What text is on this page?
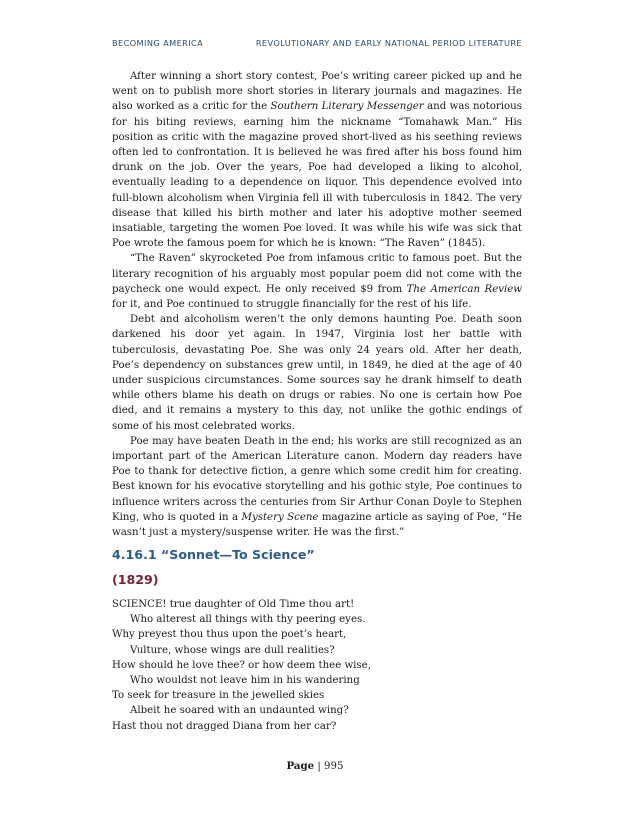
BECOMING AMERICA	REVOLUTIONARY AND EARLY NATIONAL PERIOD LITERATURE

After winning a short story contest, Poe’s writing career picked up and he went on to publish more short stories in literary journals and magazines. He also worked as a critic for the Southern Literary Messenger and was notorious for his biting reviews, earning him the nickname “Tomahawk Man.” His position as critic with the magazine proved short-lived as his seething reviews often led to confrontation. It is believed he was fired after his boss found him drunk on the job. Over the years, Poe had developed a liking to alcohol, eventually leading to a dependence on liquor. This dependence evolved into full-blown alcoholism when Virginia fell ill with tuberculosis in 1842. The very disease that killed his birth mother and later his adoptive mother seemed insatiable, targeting the women Poe loved. It was while his wife was sick that Poe wrote the famous poem for which he is known: “The Raven” (1845).

“The Raven” skyrocketed Poe from infamous critic to famous poet. But the literary recognition of his arguably most popular poem did not come with the paycheck one would expect. He only received $9 from The American Review for it, and Poe continued to struggle financially for the rest of his life.

Debt and alcoholism weren’t the only demons haunting Poe. Death soon darkened his door yet again. In 1947, Virginia lost her battle with tuberculosis, devastating Poe. She was only 24 years old. After her death, Poe’s dependency on substances grew until, in 1849, he died at the age of 40 under suspicious circumstances. Some sources say he drank himself to death while others blame his death on drugs or rabies. No one is certain how Poe died, and it remains a mystery to this day, not unlike the gothic endings of some of his most celebrated works.

Poe may have beaten Death in the end; his works are still recognized as an important part of the American Literature canon. Modern day readers have Poe to thank for detective fiction, a genre which some credit him for creating. Best known for his evocative storytelling and his gothic style, Poe continues to influence writers across the centuries from Sir Arthur Conan Doyle to Stephen King, who is quoted in a Mystery Scene magazine article as saying of Poe, “He wasn’t just a mystery/suspense writer. He was the first.”

4.16.1 “Sonnet—To Science”
(1829)
SCIENCE! true daughter of Old Time thou art!
Who alterest all things with thy peering eyes.
Why preyest thou thus upon the poet’s heart,
Vulture, whose wings are dull realities?
How should he love thee? or how deem thee wise,
Who wouldst not leave him in his wandering
To seek for treasure in the jewelled skies
Albeit he soared with an undaunted wing?
Hast thou not dragged Diana from her car?
Page | 995
